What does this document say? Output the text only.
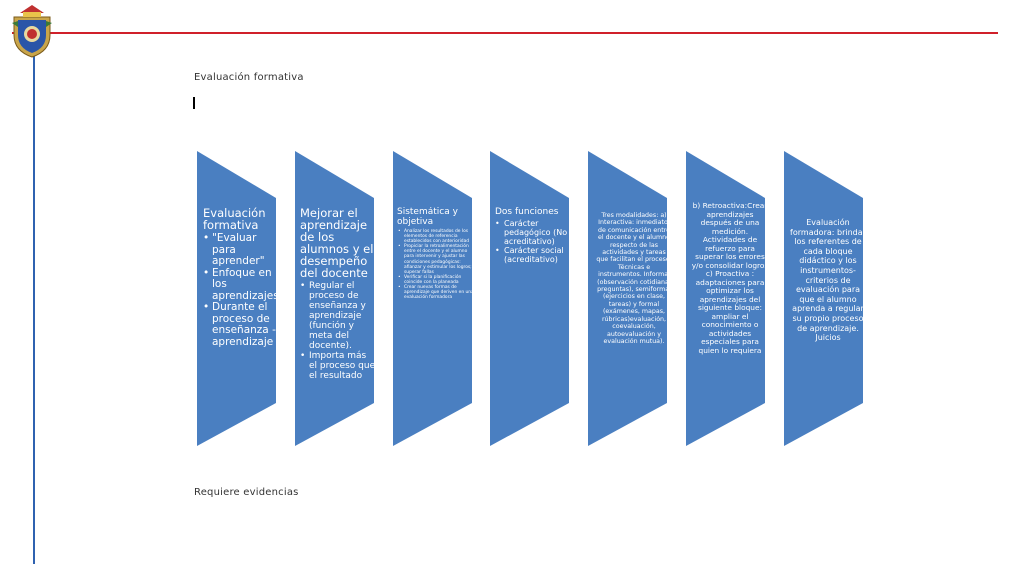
Evaluación formativa
Evaluación formativa
• "Evaluar para aprender"
• Enfoque en los aprendizajes
• Durante el proceso de enseñanza - aprendizaje
Mejorar el aprendizaje de los alumnos y el desempeño del docente
• Regular el proceso de enseñanza y aprendizaje (función y meta del docente).
• Importa más el proceso que el resultado
Sistemática y objetiva
• Analizar los resultados de los elementos de referencia establecidos con anterioridad
• Propiciar la retroalimentación entre el docente y el alumno para intervenir y ajustar las condiciones pedagógicas: afianzar y estimular los logros; superar fallas
• Verificar si la planificación coincide con la planeada
• Crear nuevas formas de aprendizaje que deriven en una evaluación formadora
Dos funciones
• Carácter pedagógico (No acreditativo)
• Carácter social (acreditativo)

Tres modalidades: a) Interactiva: inmediato, de comunicación entre el docente y el alumno respecto de las actividades y tareas que facilitan el proceso. Técnicas e instrumentos. Informal (observación cotidiana, preguntas), semiformal (ejercicios en clase, tareas) y formal (exámenes, mapas, rúbricas)evaluación, coevaluación, autoevaluación y evaluación mutua).

b) Retroactiva:Crear aprendizajes después de una medición. Actividades de refuerzo para superar los errores y/o consolidar logros c) Proactiva : adaptaciones para optimizar los aprendizajes del siguiente bloque: ampliar el conocimiento o actividades especiales para quien lo requiera

Evaluación formadora: brindar los referentes de cada bloque didáctico y los instrumentos-criterios de evaluación para que el alumno aprenda a regular su propio proceso de aprendizaje. Juicios

Requiere evidencias
